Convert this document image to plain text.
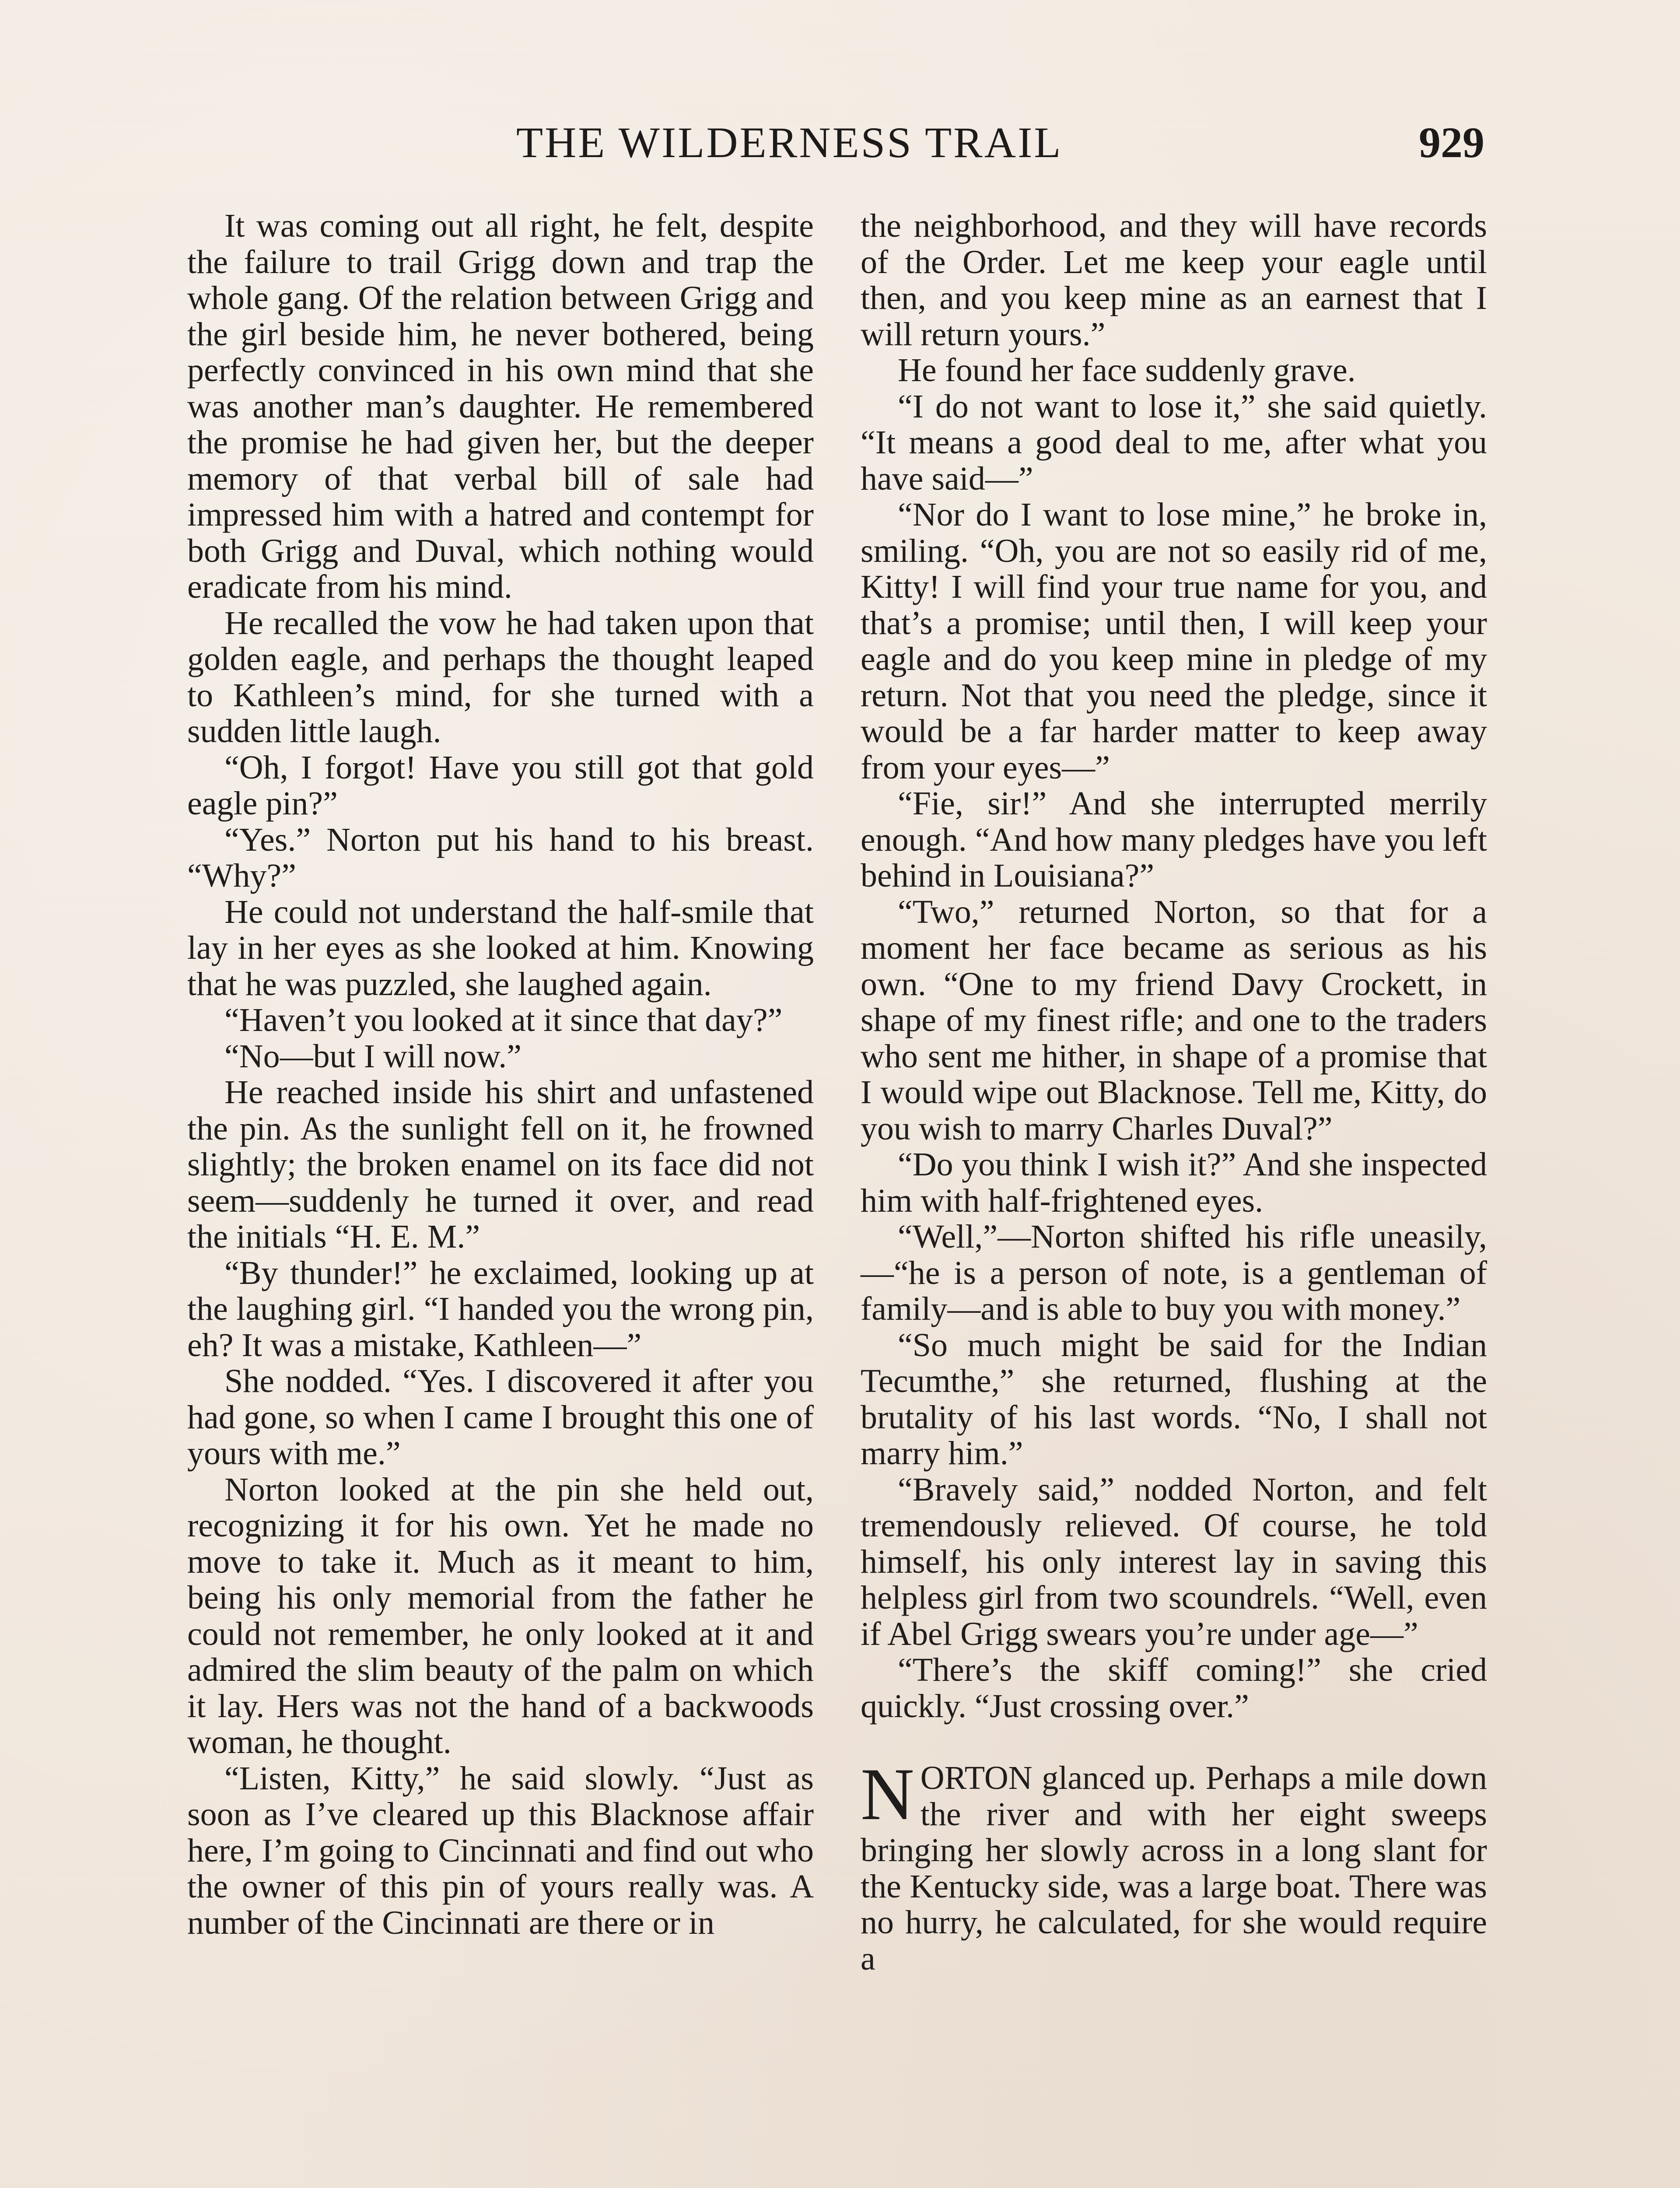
THE WILDERNESS TRAIL	929

It was coming out all right, he felt, despite the failure to trail Grigg down and trap the whole gang. Of the relation between Grigg and the girl beside him, he never bothered, being perfectly convinced in his own mind that she was another man’s daughter. He remembered the promise he had given her, but the deeper memory of that verbal bill of sale had impressed him with a hatred and contempt for both Grigg and Duval, which nothing would eradicate from his mind.

He recalled the vow he had taken upon that golden eagle, and perhaps the thought leaped to Kathleen’s mind, for she turned with a sudden little laugh.

“Oh, I forgot! Have you still got that gold eagle pin?”

“Yes.” Norton put his hand to his breast. “Why?”

He could not understand the half-smile that lay in her eyes as she looked at him. Knowing that he was puzzled, she laughed again.

“Haven’t you looked at it since that day?”

“No—but I will now.”

He reached inside his shirt and unfastened the pin. As the sunlight fell on it, he frowned slightly; the broken enamel on its face did not seem—suddenly he turned it over, and read the initials “H. E. M.”

“By thunder!” he exclaimed, looking up at the laughing girl. “I handed you the wrong pin, eh? It was a mistake, Kathleen—”

She nodded. “Yes. I discovered it after you had gone, so when I came I brought this one of yours with me.”

Norton looked at the pin she held out, recognizing it for his own. Yet he made no move to take it. Much as it meant to him, being his only memorial from the father he could not remember, he only looked at it and admired the slim beauty of the palm on which it lay. Hers was not the hand of a backwoods woman, he thought.

“Listen, Kitty,” he said slowly. “Just as soon as I’ve cleared up this Blacknose affair here, I’m going to Cincinnati and find out who the owner of this pin of yours really was. A number of the Cincinnati are there or in

the neighborhood, and they will have records of the Order. Let me keep your eagle until then, and you keep mine as an earnest that I will return yours.”

He found her face suddenly grave.

“I do not want to lose it,” she said quietly. “It means a good deal to me, after what you have said—”

“Nor do I want to lose mine,” he broke in, smiling. “Oh, you are not so easily rid of me, Kitty! I will find your true name for you, and that’s a promise; until then, I will keep your eagle and do you keep mine in pledge of my return. Not that you need the pledge, since it would be a far harder matter to keep away from your eyes—”

“Fie, sir!” And she interrupted merrily enough. “And how many pledges have you left behind in Louisiana?”

“Two,” returned Norton, so that for a moment her face became as serious as his own. “One to my friend Davy Crockett, in shape of my finest rifle; and one to the traders who sent me hither, in shape of a promise that I would wipe out Blacknose. Tell me, Kitty, do you wish to marry Charles Duval?”

“Do you think I wish it?” And she inspected him with half-frightened eyes.

“Well,”—Norton shifted his rifle uneasily,—“he is a person of note, is a gentleman of family—and is able to buy you with money.”

“So much might be said for the Indian Tecumthe,” she returned, flushing at the brutality of his last words. “No, I shall not marry him.”

“Bravely said,” nodded Norton, and felt tremendously relieved. Of course, he told himself, his only interest lay in saving this helpless girl from two scoundrels. “Well, even if Abel Grigg swears you’re under age—”

“There’s the skiff coming!” she cried quickly. “Just crossing over.”

NORTON glanced up. Perhaps a mile down the river and with her eight sweeps bringing her slowly across in a long slant for the Kentucky side, was a large boat. There was no hurry, he calculated, for she would require a
